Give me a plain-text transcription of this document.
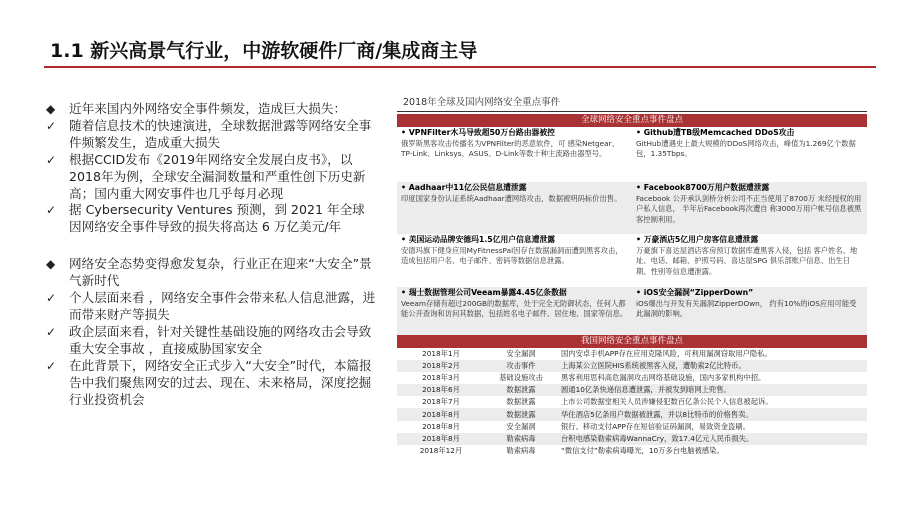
1.1 新兴高景气行业，中游软硬件厂商/集成商主导
◆	近年来国内外网络安全事件频发，造成巨大损失：
✓	随着信息技术的快速演进，全球数据泄露等网络安全事件频繁发生，造成重大损失
✓	根据CCID发布《2019年网络安全发展白皮书》，以2018年为例，全球安全漏洞数量和严重性创下历史新高；国内重大网安事件也几乎每月必现
✓	据 Cybersecurity Ventures 预测，到 2021 年全球因网络安全事件导致的损失将高达 6 万亿美元/年
◆	网络安全态势变得愈发复杂，行业正在迎来“大安全”景气新时代
✓	个人层面来看 ，网络安全事件会带来私人信息泄露，进而带来财产等损失
✓	政企层面来看，针对关键性基础设施的网络攻击会导致重大安全事故 ，直接威胁国家安全
✓	在此背景下，网络安全正式步入“大安全”时代，本篇报告中我们聚焦网安的过去、现在、未来格局，深度挖掘行业投资机会
2018年全球及国内网络安全重点事件
全球网络安全重点事件盘点
• VPNFilter木马导致超50万台路由器被控
俄罗斯黑客攻击传播名为VPNFilter的恶意软件，可 感染Netgear、TP-Link、Linksys、ASUS、D-Link等数十种主流路由器型号。
• Github遭TB级Memcached DDoS攻击
GitHub遭遇史上最大规模的DDoS网络攻击，峰值为1.269亿个数据包，1.35Tbps。
• Aadhaar中11亿公民信息遭泄露
印度国家身份认证系统Aadhaar遭网络攻击，数据被明码标价出售。
• Facebook8700万用户数据遭泄露
Facebook 公开承认剑桥分析公司不正当使用了8700万 未经授权的用户私人信息， 半年后Facebook再次遭自 称3000万用户帐号信息被黑客控制利用。
• 美国运动品牌安德玛1.5亿用户信息遭泄露
安德玛旗下健身应用MyFitnessPal因存在数据漏洞而遭到黑客攻击，造成包括用户名、电子邮件、密码等数据信息泄露。
• 万豪酒店5亿用户房客信息遭泄露
万豪旗下喜达屋酒店客房预订数据库遭黑客入侵，包括 客户姓名、地址、电话、邮箱、护照号码、喜达屋SPG 俱乐部账户信息、出生日期、性别等信息遭泄露。
• 瑞士数据管理公司Veeam暴露4.45亿条数据
Veeam存储有超过200GB的数据库，处于完全无防御状态，任何人都能公开查询和访问其数据，包括姓名电子邮件、居住地、国家等信息。
• iOS安全漏洞“ZipperDown”
iOS爆出与开发有关漏洞ZipperDOwn， 约有10%的iOS应用可能受此漏洞的影响。
我国网络安全重点事件盘点
2018年1月	安全漏洞	国内安卓手机APP存在应用克隆风险，可利用漏洞窃取用户隐私。
2018年2月	攻击事件	上海某公立医院HIS系统被黑客入侵，遭勒索2亿比特币。
2018年3月	基础设施攻击	黑客利用思科高危漏洞攻击网络基础设施，国内多家机构中招。
2018年6月	数据泄露	圆通10亿条快递信息遭泄露，并被发到暗网上兜售。
2018年7月	数据泄露	上市公司数据堂相关人员涉嫌侵犯数百亿条公民个人信息被起诉。
2018年8月	数据泄露	华住酒店5亿条用户数据被泄露，并以8比特币的价格售卖。
2018年8月	安全漏洞	银行、移动支付APP存在短信验证码漏洞，易致资金盗刷。
2018年8月	勒索病毒	台积电感染勒索病毒WannaCry，致17.4亿元人民币损失。
2018年12月	勒索病毒	“微信支付”勒索病毒曝光，10万多台电脑被感染。
